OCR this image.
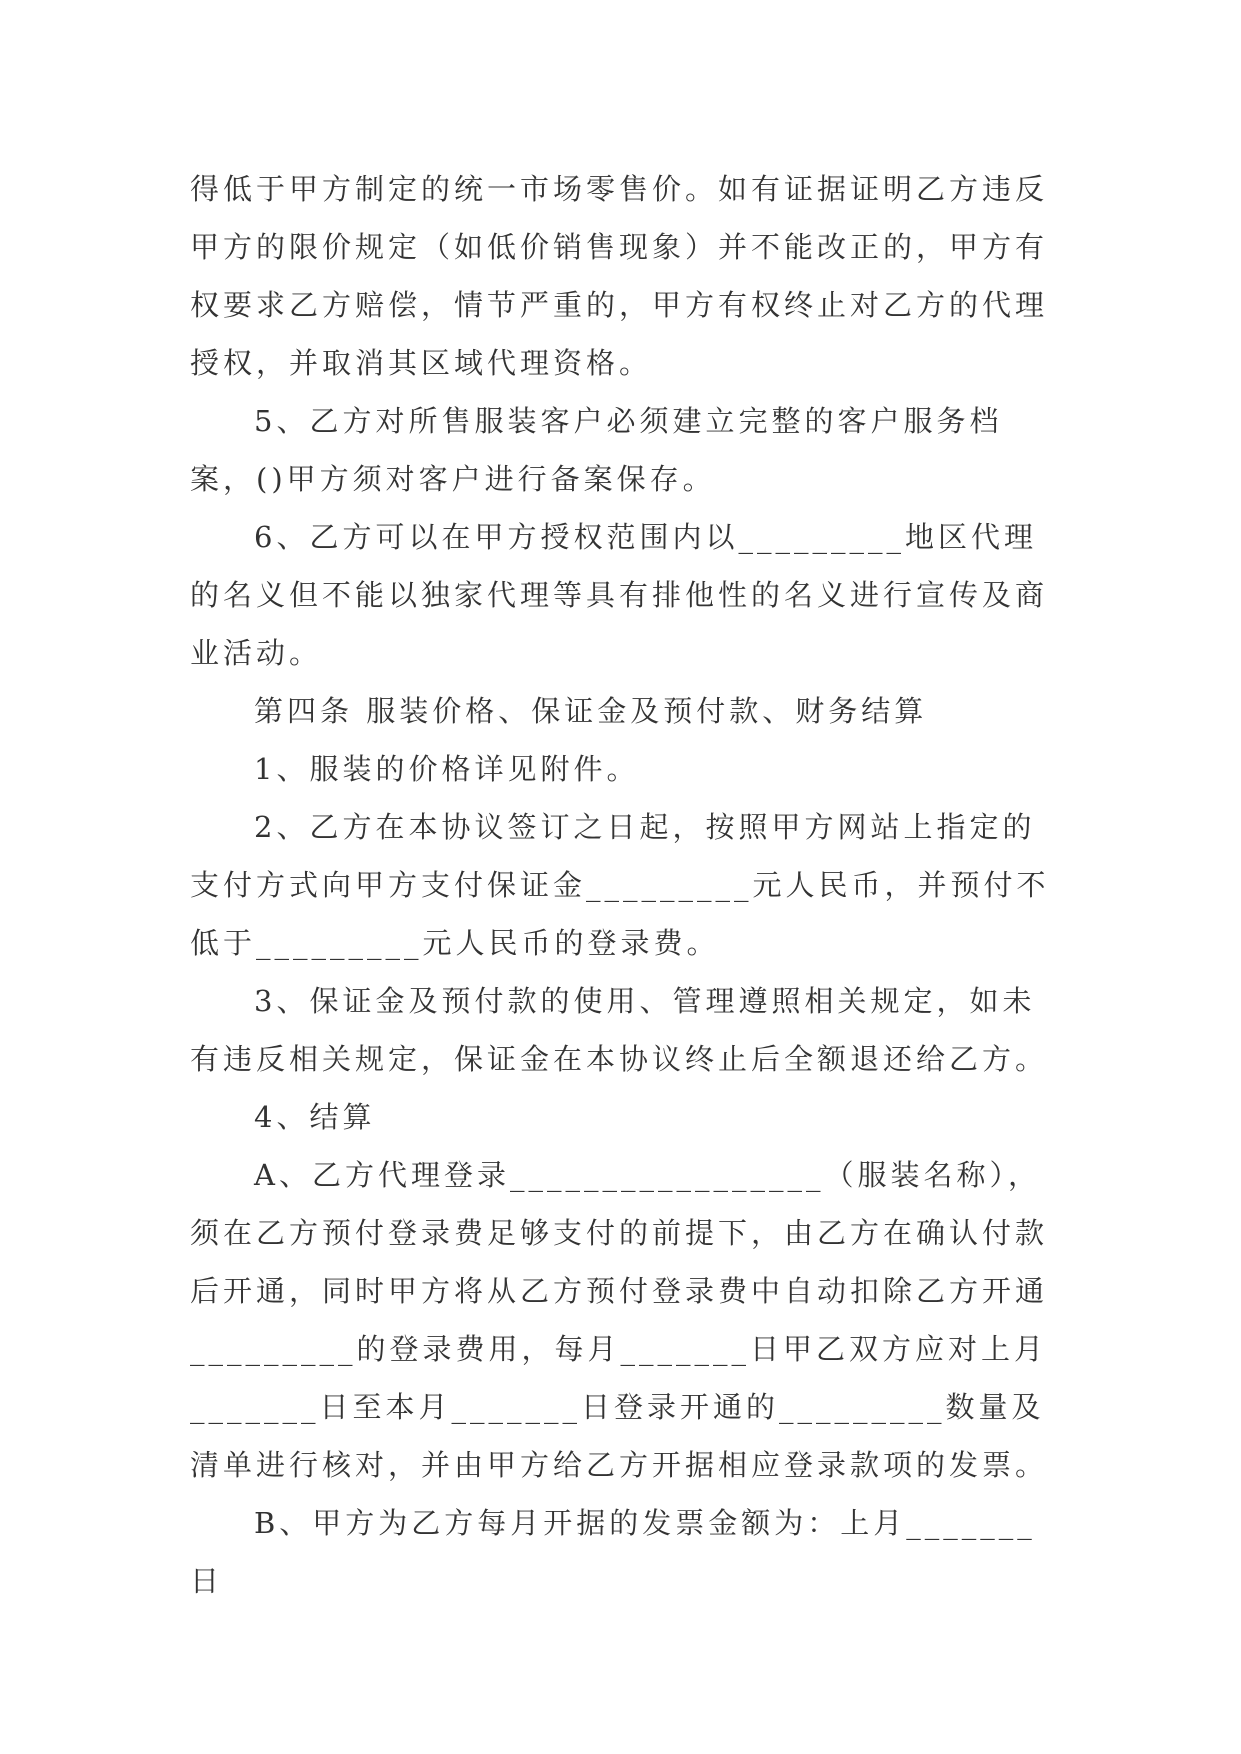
得低于甲方制定的统一市场零售价。如有证据证明乙方违反甲方的限价规定（如低价销售现象）并不能改正的，甲方有权要求乙方赔偿，情节严重的，甲方有权终止对乙方的代理授权，并取消其区域代理资格。

5、乙方对所售服装客户必须建立完整的客户服务档案，()甲方须对客户进行备案保存。

6、乙方可以在甲方授权范围内以_________地区代理的名义但不能以独家代理等具有排他性的名义进行宣传及商业活动。

第四条 服装价格、保证金及预付款、财务结算

1、服装的价格详见附件。

2、乙方在本协议签订之日起，按照甲方网站上指定的支付方式向甲方支付保证金_________元人民币，并预付不低于_________元人民币的登录费。

3、保证金及预付款的使用、管理遵照相关规定，如未有违反相关规定，保证金在本协议终止后全额退还给乙方。

4、结算

A、乙方代理登录_________________（服装名称），须在乙方预付登录费足够支付的前提下，由乙方在确认付款后开通，同时甲方将从乙方预付登录费中自动扣除乙方开通_________的登录费用，每月_______日甲乙双方应对上月_______日至本月_______日登录开通的_________数量及清单进行核对，并由甲方给乙方开据相应登录款项的发票。

B、甲方为乙方每月开据的发票金额为：上月_______日
